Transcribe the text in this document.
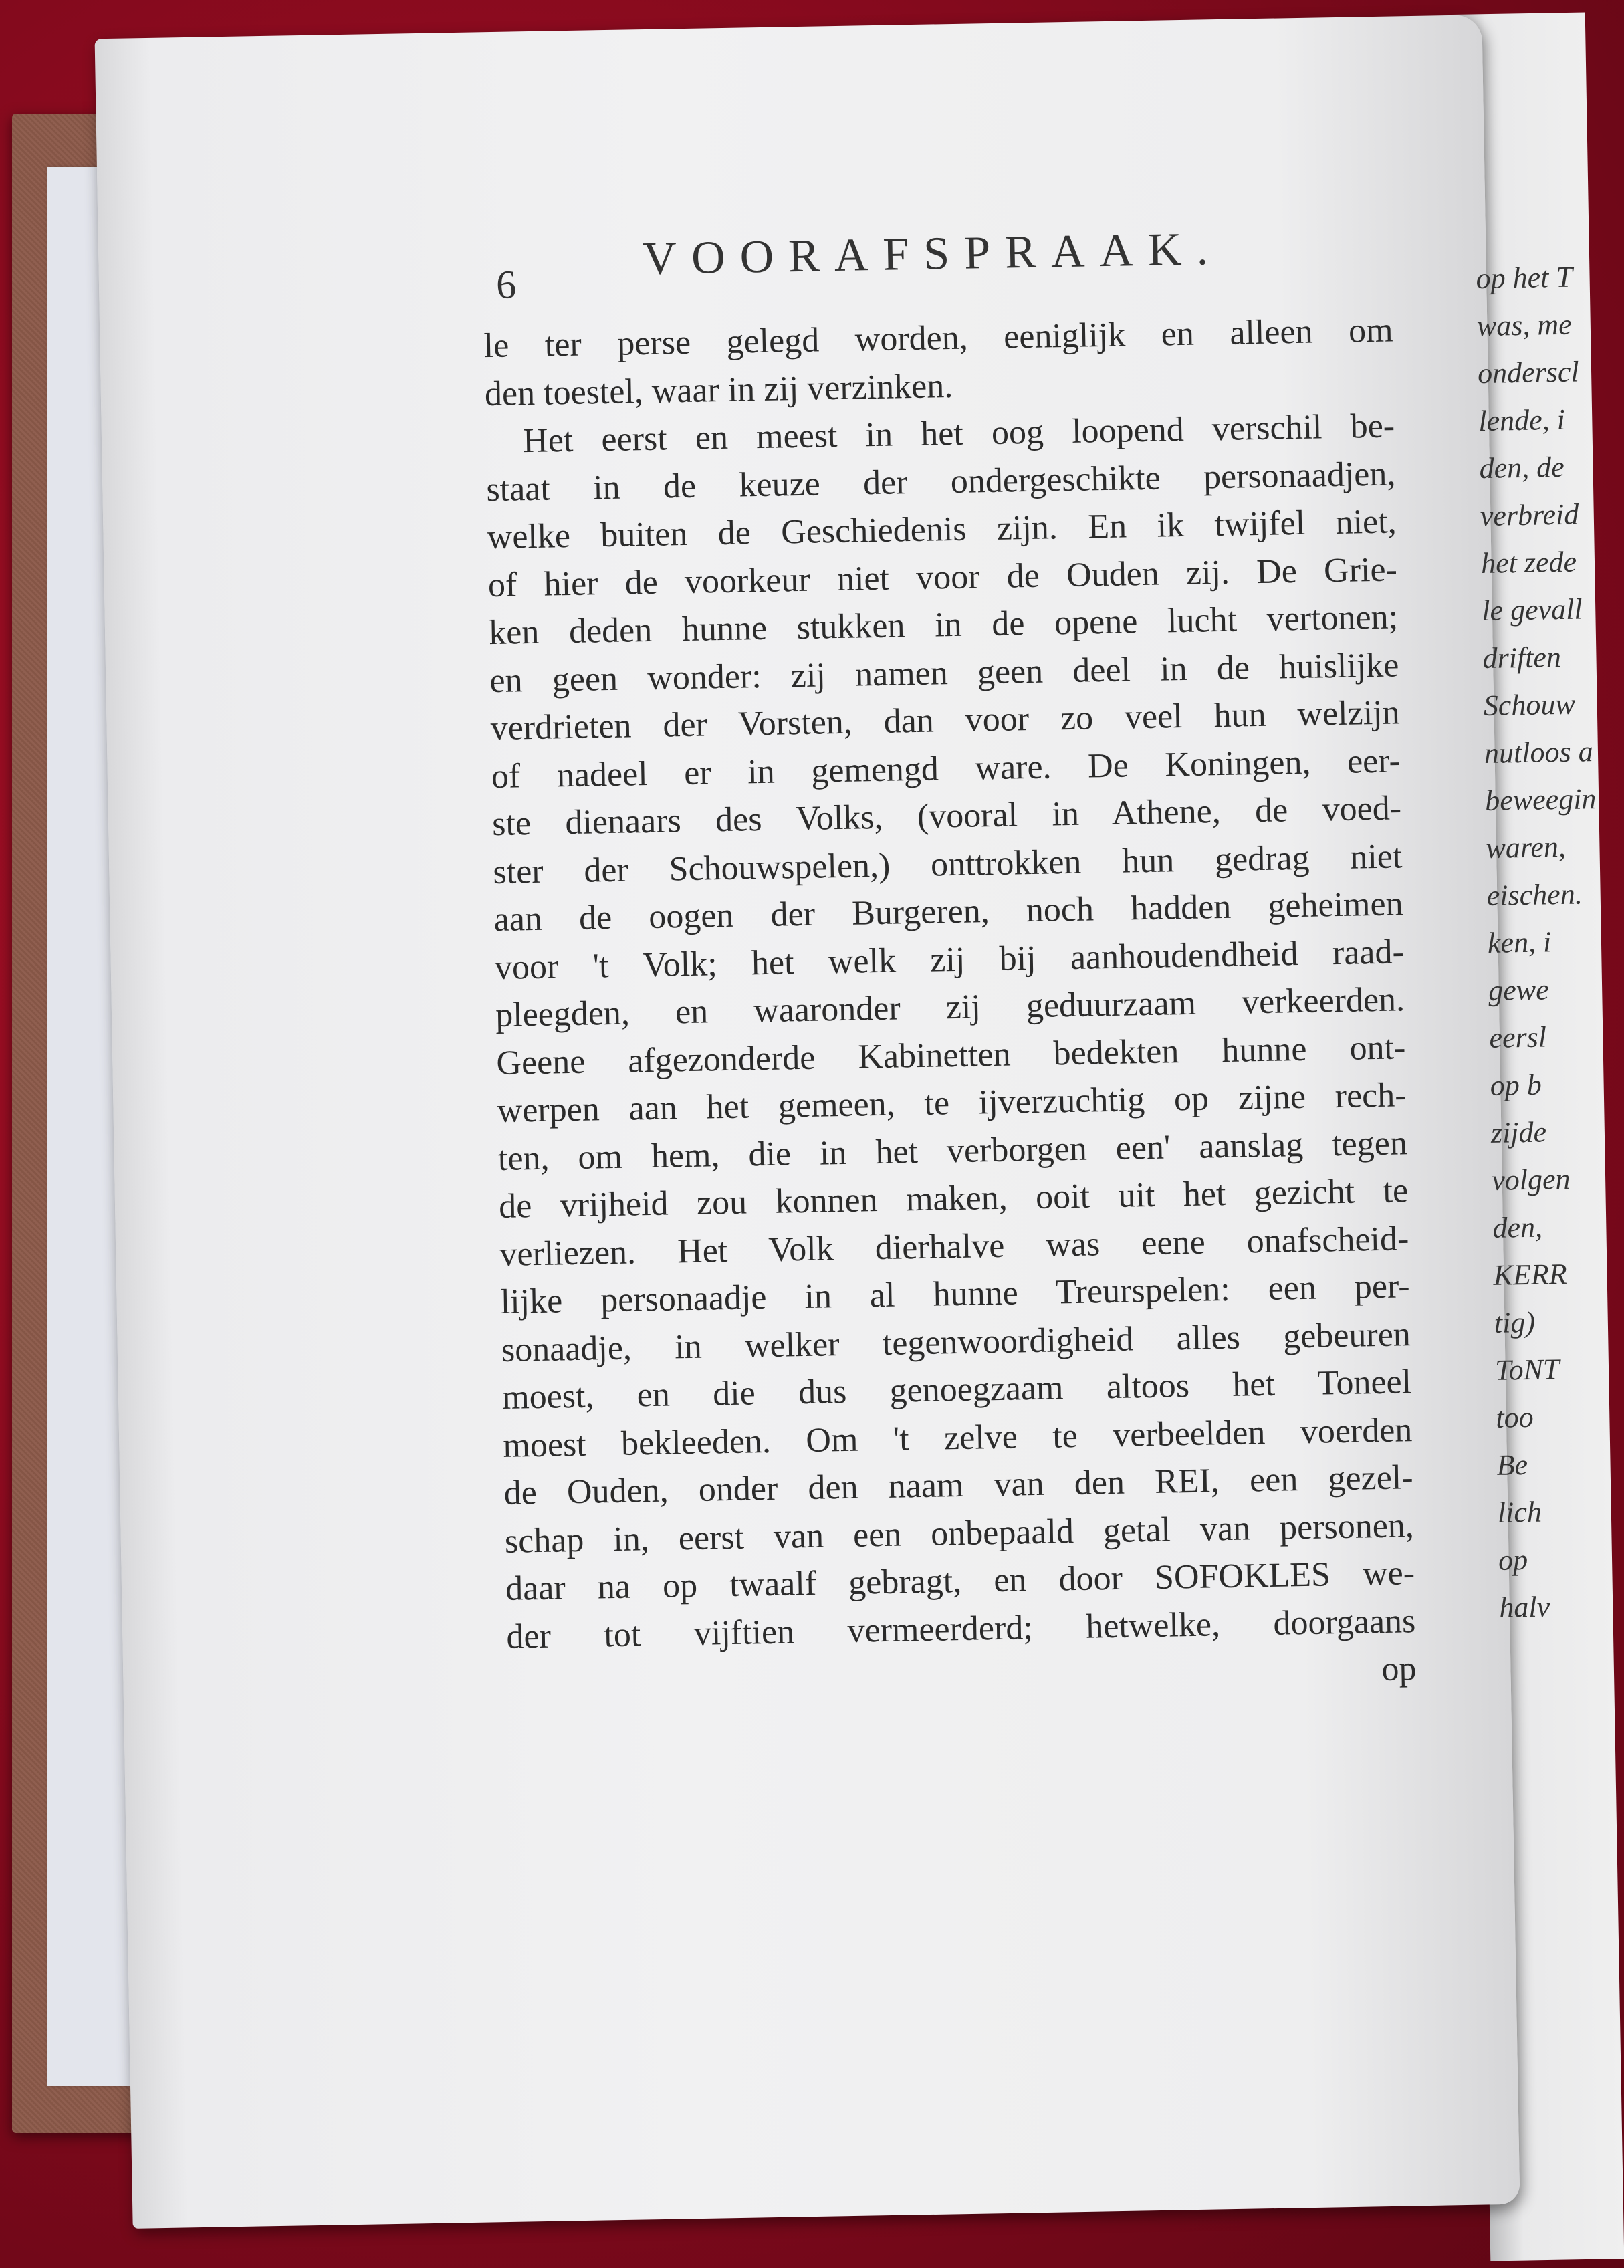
6	VOORAFSPRAAK.
le ter perse gelegd worden, eeniglijk en alleen om
den toestel, waar in zij verzinken.
Het eerst en meest in het oog loopend verschil be-
staat in de keuze der ondergeschikte personaadjen,
welke buiten de Geschiedenis zijn. En ik twijfel niet,
of hier de voorkeur niet voor de Ouden zij. De Grie-
ken deden hunne stukken in de opene lucht vertonen;
en geen wonder: zij namen geen deel in de huislijke
verdrieten der Vorsten, dan voor zo veel hun welzijn
of nadeel er in gemengd ware. De Koningen, eer-
ste dienaars des Volks, (vooral in Athene, de voed-
ster der Schouwspelen,) onttrokken hun gedrag niet
aan de oogen der Burgeren, noch hadden geheimen
voor 't Volk; het welk zij bij aanhoudendheid raad-
pleegden, en waaronder zij geduurzaam verkeerden.
Geene afgezonderde Kabinetten bedekten hunne ont-
werpen aan het gemeen, te ijverzuchtig op zijne rech-
ten, om hem, die in het verborgen een' aanslag tegen
de vrijheid zou konnen maken, ooit uit het gezicht te
verliezen. Het Volk dierhalve was eene onafscheid-
lijke personaadje in al hunne Treurspelen: een per-
sonaadje, in welker tegenwoordigheid alles gebeuren
moest, en die dus genoegzaam altoos het Toneel
moest bekleeden. Om 't zelve te verbeelden voerden
de Ouden, onder den naam van den REI, een gezel-
schap in, eerst van een onbepaald getal van personen,
daar na op twaalf gebragt, en door SOFOKLES we-
der tot vijftien vermeerderd; hetwelke, doorgaans
op
op het T
was, me
onderscl
lende, i
den, de
verbreid
het zede
le gevall
driften
Schouw
nutloos a
beweegin
waren,
eischen.
ken, i
gewe
eersl
op b
zijde
volgen
den,
KERR
tig)
ToNT
too
Be
lich
op
halv
